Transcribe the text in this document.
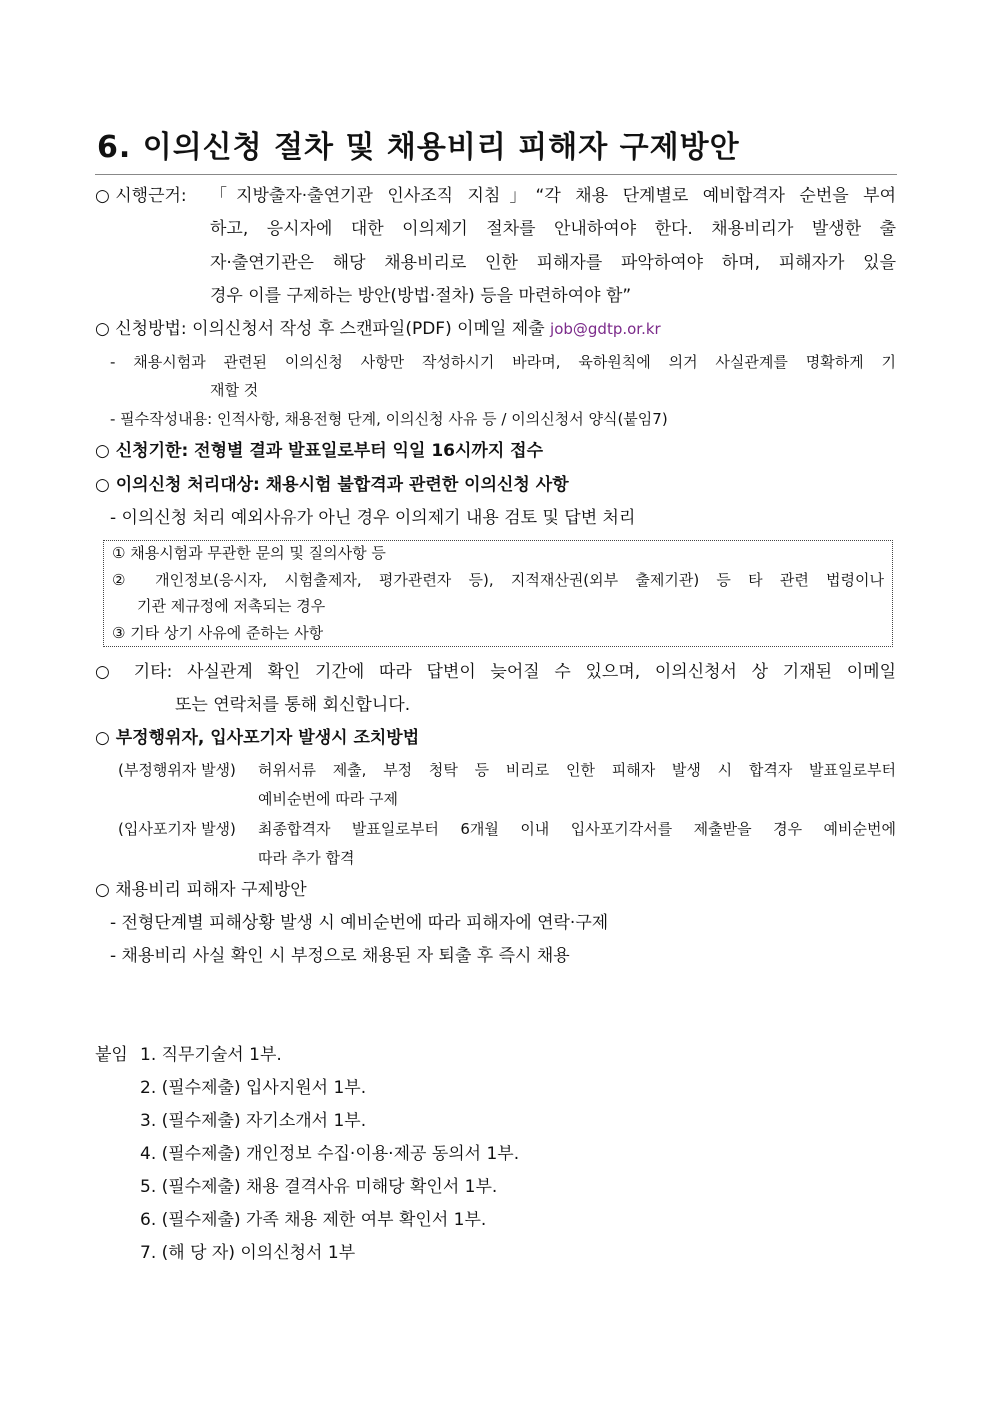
6. 이의신청 절차 및 채용비리 피해자 구제방안
○ 시행근거: 「지방출자·출연기관 인사조직 지침」“각 채용 단계별로 예비합격자 순번을 부여
하고, 응시자에 대한 이의제기 절차를 안내하여야 한다. 채용비리가 발생한 출
자·출연기관은 해당 채용비리로 인한 피해자를 파악하여야 하며, 피해자가 있을
경우 이를 구제하는 방안(방법·절차) 등을 마련하여야 함”
○ 신청방법: 이의신청서 작성 후 스캔파일(PDF) 이메일 제출 job@gdtp.or.kr
- 채용시험과 관련된 이의신청 사항만 작성하시기 바라며, 육하원칙에 의거 사실관계를 명확하게 기
재할 것
- 필수작성내용: 인적사항, 채용전형 단계, 이의신청 사유 등 / 이의신청서 양식(붙임7)
○ 신청기한: 전형별 결과 발표일로부터 익일 16시까지 접수
○ 이의신청 처리대상: 채용시험 불합격과 관련한 이의신청 사항
- 이의신청 처리 예외사유가 아닌 경우 이의제기 내용 검토 및 답변 처리
① 채용시험과 무관한 문의 및 질의사항 등
② 개인정보(응시자, 시험출제자, 평가관련자 등), 지적재산권(외부 출제기관) 등 타 관련 법령이나
기관 제규정에 저촉되는 경우
③ 기타 상기 사유에 준하는 사항
○ 기타: 사실관계 확인 기간에 따라 답변이 늦어질 수 있으며, 이의신청서 상 기재된 이메일
또는 연락처를 통해 회신합니다.
○ 부정행위자, 입사포기자 발생시 조치방법
(부정행위자 발생) 허위서류 제출, 부정 청탁 등 비리로 인한 피해자 발생 시 합격자 발표일로부터
예비순번에 따라 구제
(입사포기자 발생) 최종합격자 발표일로부터 6개월 이내 입사포기각서를 제출받을 경우 예비순번에
따라 추가 합격
○ 채용비리 피해자 구제방안
- 전형단계별 피해상황 발생 시 예비순번에 따라 피해자에 연락·구제
- 채용비리 사실 확인 시 부정으로 채용된 자 퇴출 후 즉시 채용
붙임 1. 직무기술서 1부.
2. (필수제출) 입사지원서 1부.
3. (필수제출) 자기소개서 1부.
4. (필수제출) 개인정보 수집·이용·제공 동의서 1부.
5. (필수제출) 채용 결격사유 미해당 확인서 1부.
6. (필수제출) 가족 채용 제한 여부 확인서 1부.
7. (해 당 자) 이의신청서 1부
